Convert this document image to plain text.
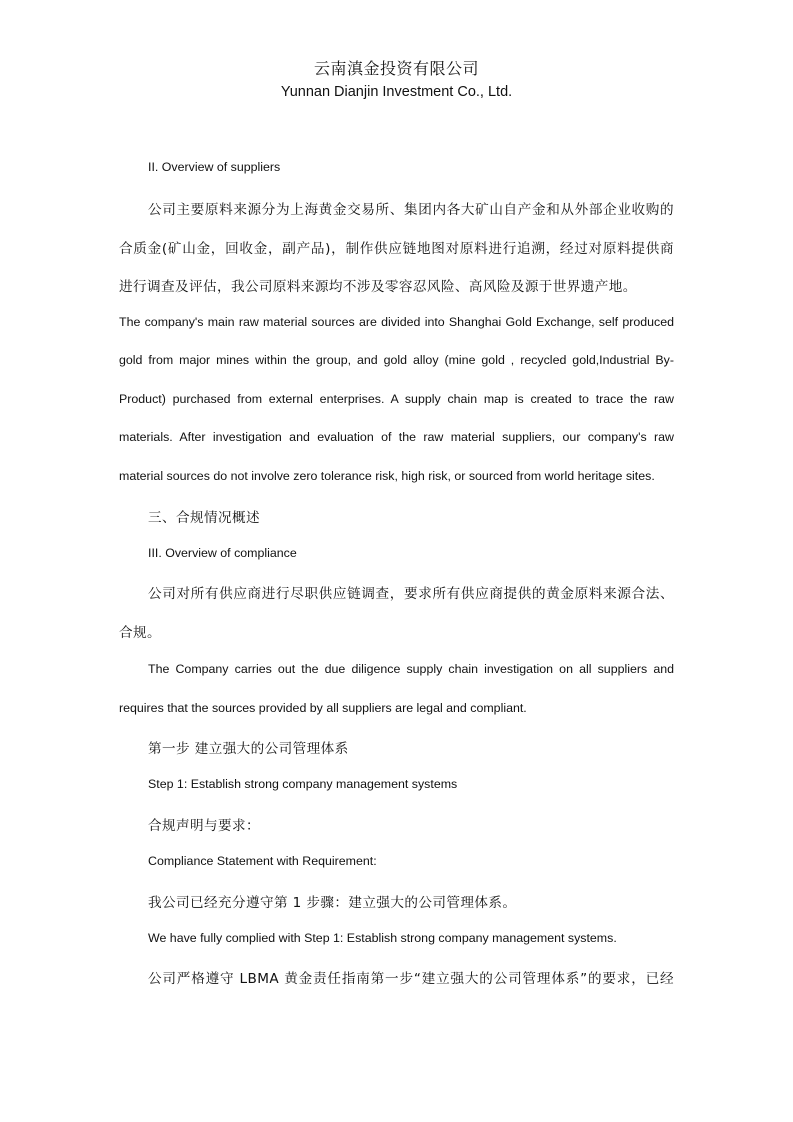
云南滇金投资有限公司
Yunnan Dianjin Investment Co., Ltd.
II. Overview of suppliers
公司主要原料来源分为上海黄金交易所、集团内各大矿山自产金和从外部企业收购的
合质金(矿山金，回收金，副产品)，制作供应链地图对原料进行追溯，经过对原料提供商
进行调查及评估，我公司原料来源均不涉及零容忍风险、高风险及源于世界遗产地。
The company's main raw material sources are divided into Shanghai Gold Exchange, self produced
gold from major mines within the group, and gold alloy (mine gold , recycled gold,Industrial By-
Product) purchased from external enterprises. A supply chain map is created to trace the raw
materials. After investigation and evaluation of the raw material suppliers, our company's raw
material sources do not involve zero tolerance risk, high risk, or sourced from world heritage sites.
三、合规情况概述
III. Overview of compliance
公司对所有供应商进行尽职供应链调查，要求所有供应商提供的黄金原料来源合法、
合规。
The Company carries out the due diligence supply chain investigation on all suppliers and
requires that the sources provided by all suppliers are legal and compliant.
第一步 建立强大的公司管理体系
Step 1: Establish strong company management systems
合规声明与要求：
Compliance Statement with Requirement:
我公司已经充分遵守第 1 步骤：建立强大的公司管理体系。
We have fully complied with Step 1: Establish strong company management systems.
公司严格遵守 LBMA 黄金责任指南第一步“建立强大的公司管理体系”的要求，已经
